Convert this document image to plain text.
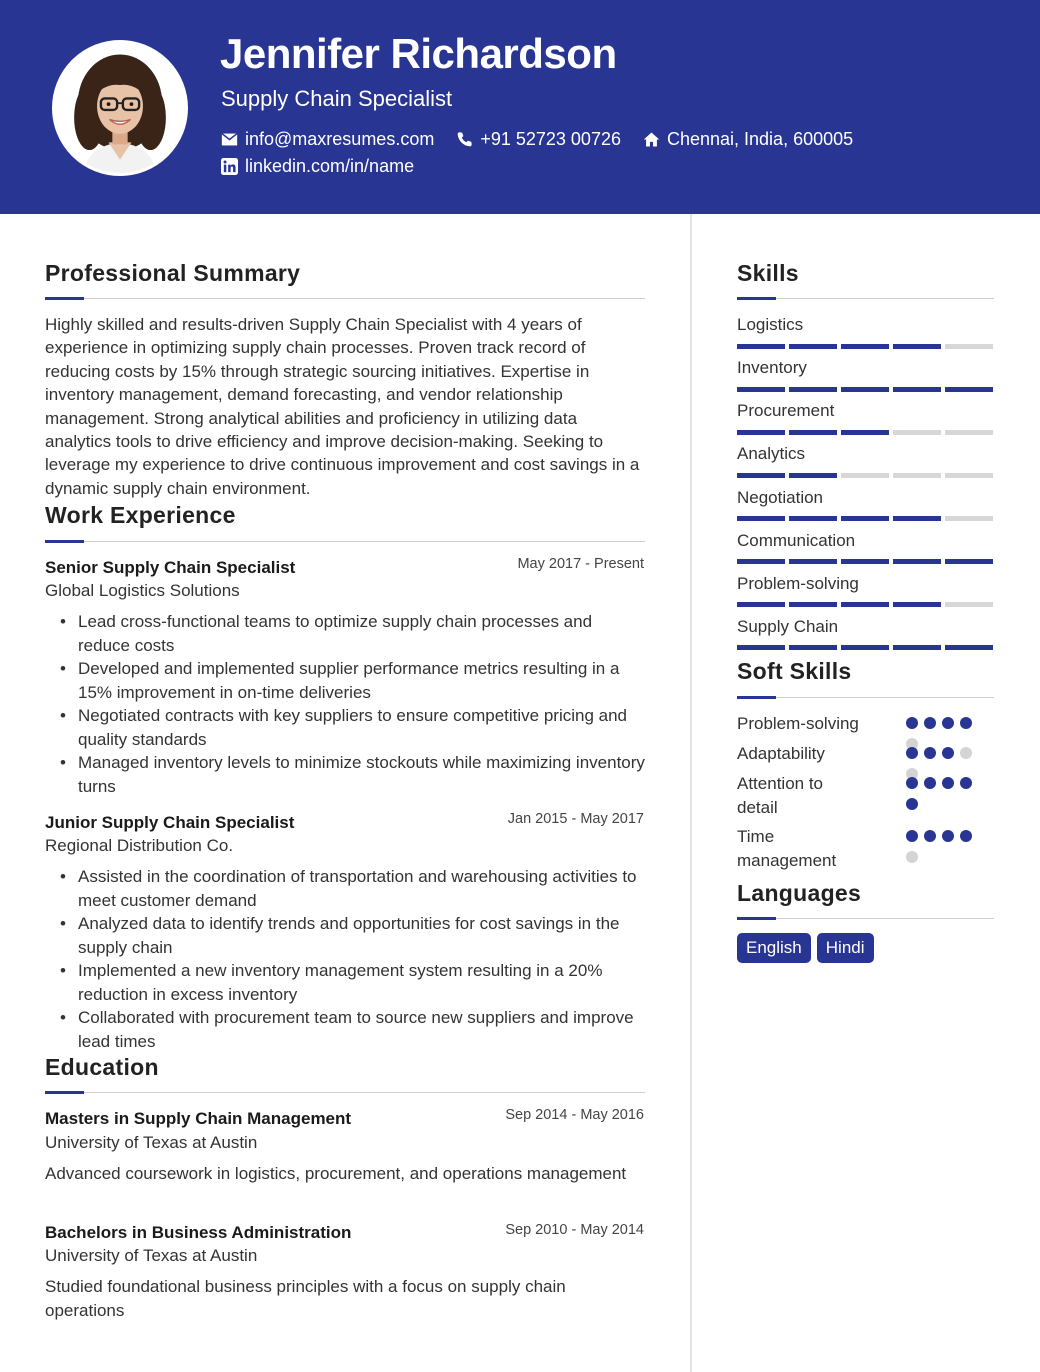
Jennifer Richardson
Supply Chain Specialist
info@maxresumes.com	+91 52723 00726	Chennai, India, 600005
linkedin.com/in/name
Professional Summary

Highly skilled and results-driven Supply Chain Specialist with 4 years of experience in optimizing supply chain processes. Proven track record of reducing costs by 15% through strategic sourcing initiatives. Expertise in inventory management, demand forecasting, and vendor relationship management. Strong analytical abilities and proficiency in utilizing data analytics tools to drive efficiency and improve decision-making. Seeking to leverage my experience to drive continuous improvement and cost savings in a dynamic supply chain environment.

Work Experience
Senior Supply Chain Specialist	May 2017 - Present
Global Logistics Solutions
• Lead cross-functional teams to optimize supply chain processes and reduce costs
• Developed and implemented supplier performance metrics resulting in a 15% improvement in on-time deliveries
• Negotiated contracts with key suppliers to ensure competitive pricing and quality standards
• Managed inventory levels to minimize stockouts while maximizing inventory turns
Junior Supply Chain Specialist	Jan 2015 - May 2017
Regional Distribution Co.
• Assisted in the coordination of transportation and warehousing activities to meet customer demand
• Analyzed data to identify trends and opportunities for cost savings in the supply chain
• Implemented a new inventory management system resulting in a 20% reduction in excess inventory
• Collaborated with procurement team to source new suppliers and improve lead times
Education
Masters in Supply Chain Management	Sep 2014 - May 2016
University of Texas at Austin

Advanced coursework in logistics, procurement, and operations management

Bachelors in Business Administration	Sep 2010 - May 2014
University of Texas at Austin

Studied foundational business principles with a focus on supply chain operations

Skills
Logistics
Inventory
Procurement
Analytics
Negotiation
Communication
Problem-solving
Supply Chain
Soft Skills
Problem-solving
Adaptability
Attention to detail
Time management
Languages
English	Hindi
